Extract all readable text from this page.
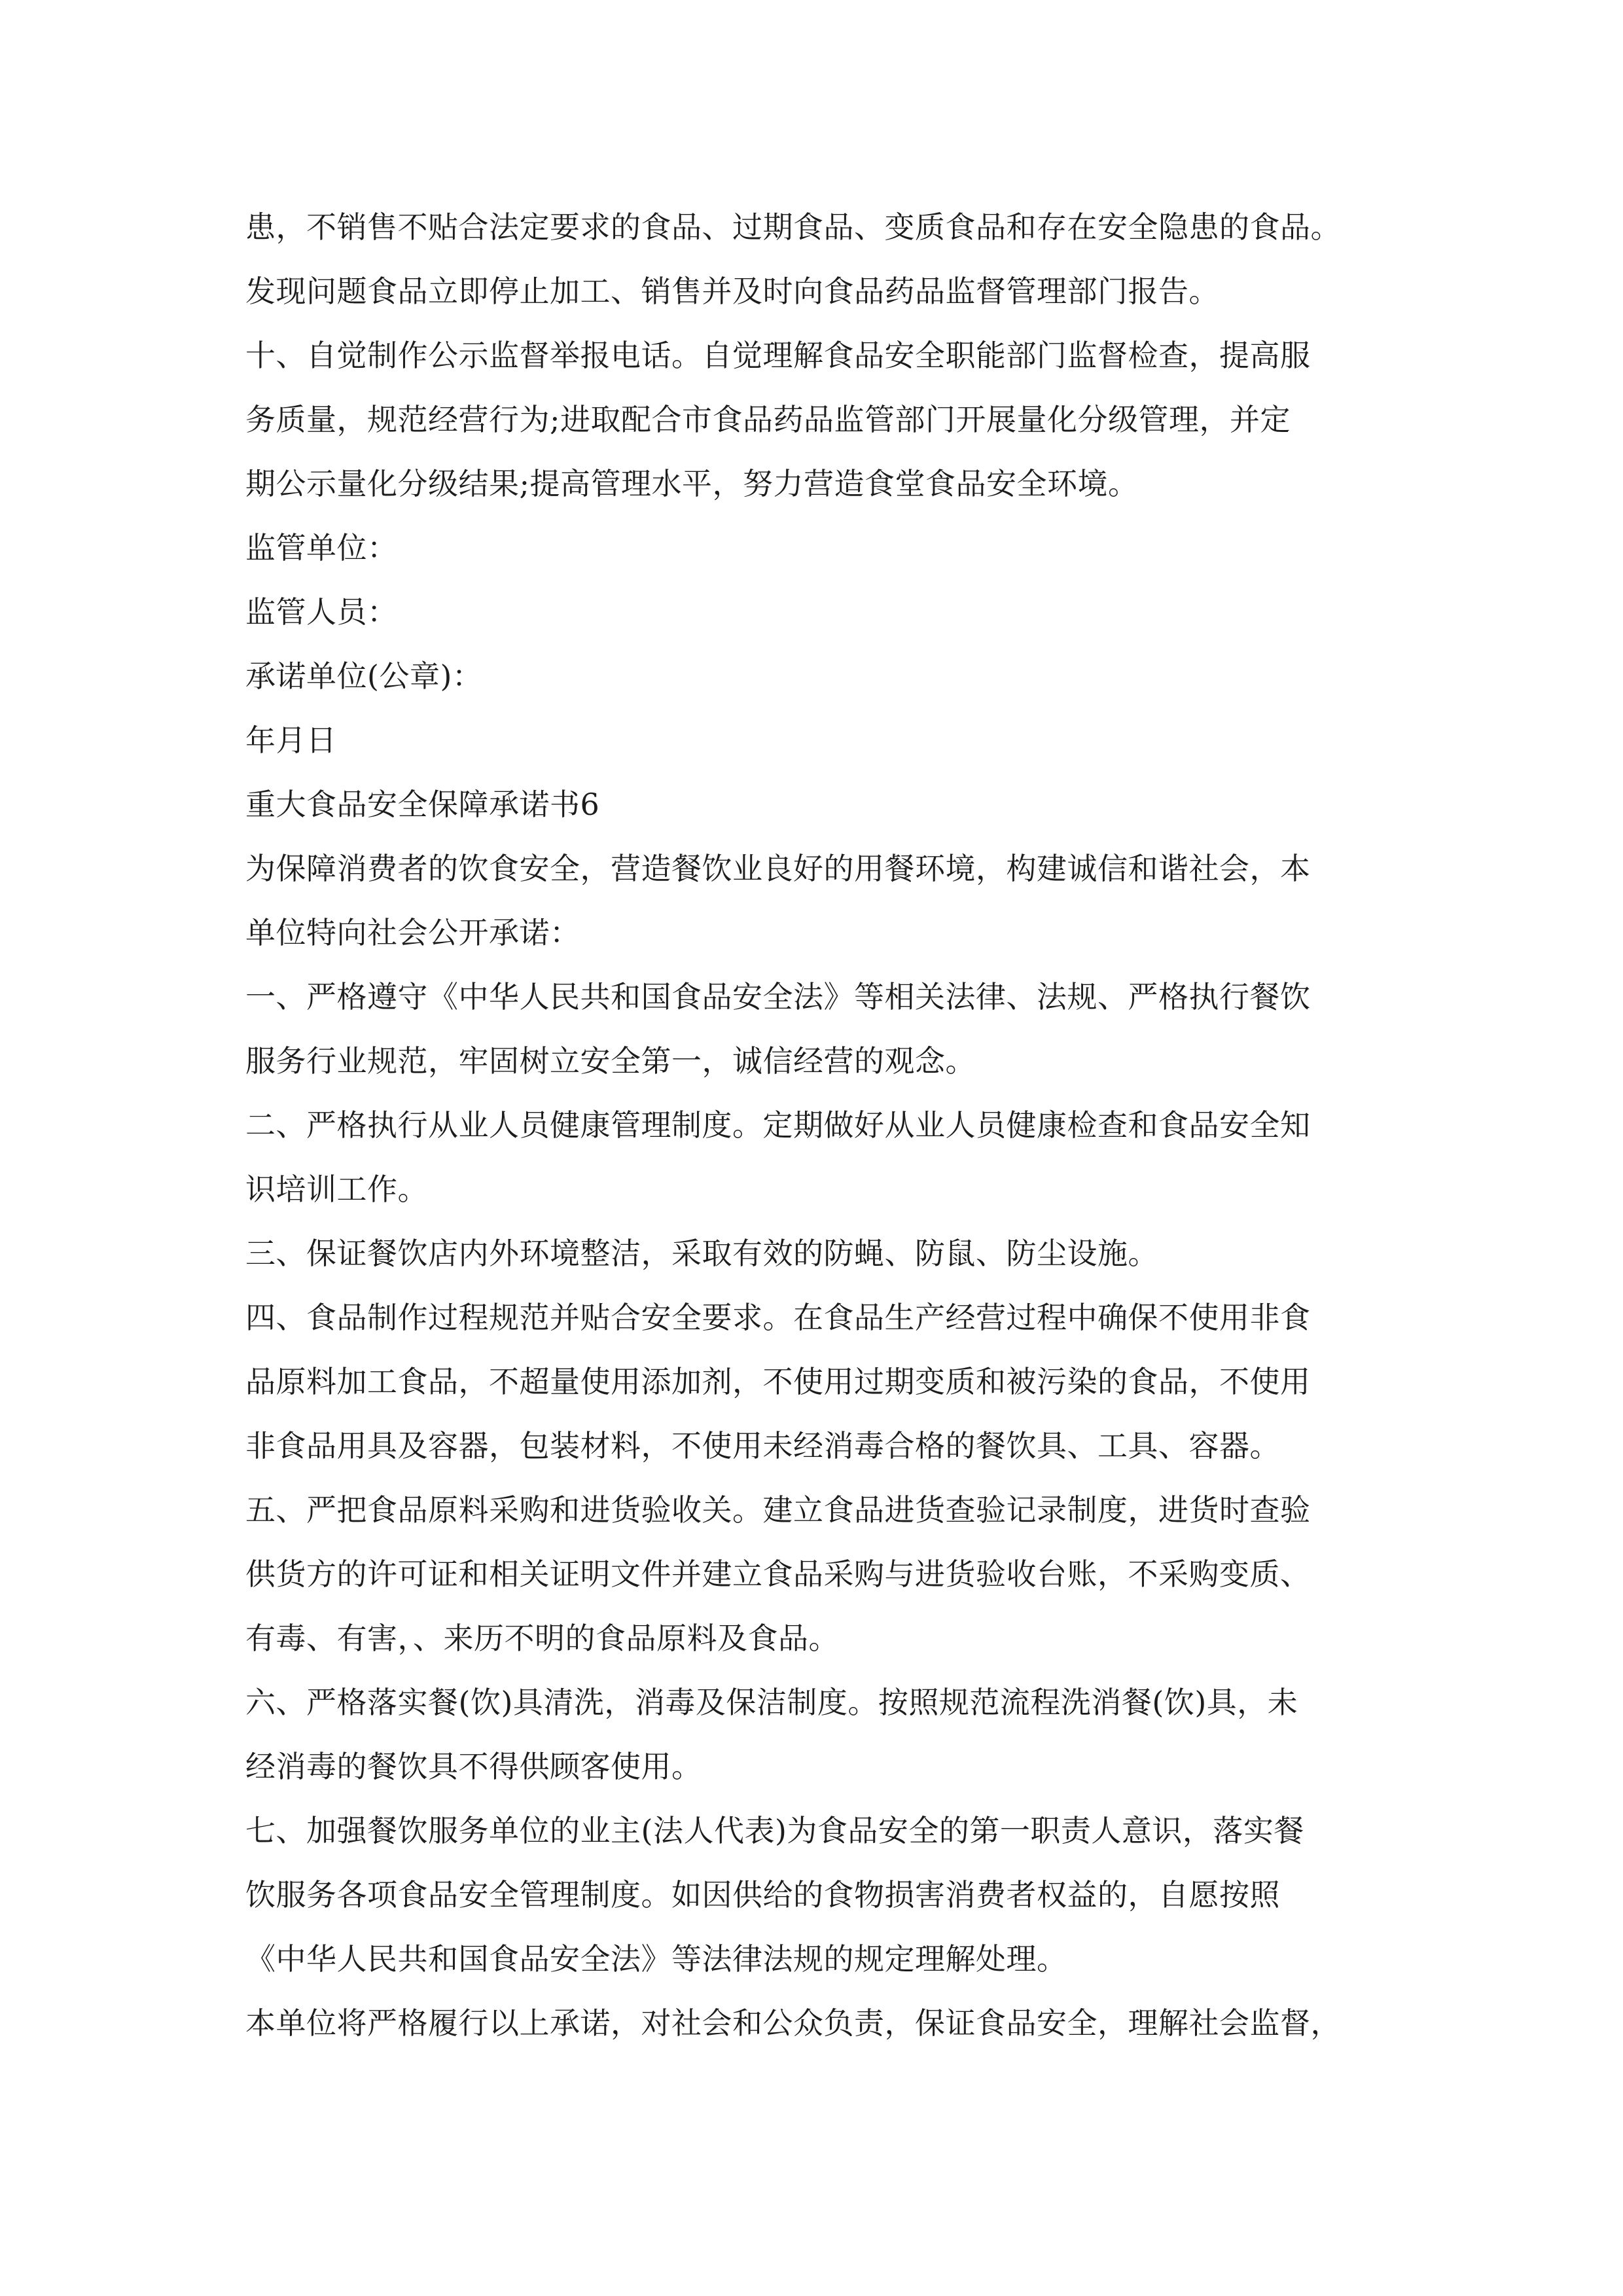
患，不销售不贴合法定要求的食品、过期食品、变质食品和存在安全隐患的食品。
发现问题食品立即停止加工、销售并及时向食品药品监督管理部门报告。
十、自觉制作公示监督举报电话。自觉理解食品安全职能部门监督检查，提高服
务质量，规范经营行为;进取配合市食品药品监管部门开展量化分级管理，并定
期公示量化分级结果;提高管理水平，努力营造食堂食品安全环境。
监管单位：
监管人员：
承诺单位(公章)：
年月日
重大食品安全保障承诺书6
为保障消费者的饮食安全，营造餐饮业良好的用餐环境，构建诚信和谐社会，本
单位特向社会公开承诺：
一、严格遵守《中华人民共和国食品安全法》等相关法律、法规、严格执行餐饮
服务行业规范，牢固树立安全第一，诚信经营的观念。
二、严格执行从业人员健康管理制度。定期做好从业人员健康检查和食品安全知
识培训工作。
三、保证餐饮店内外环境整洁，采取有效的防蝇、防鼠、防尘设施。
四、食品制作过程规范并贴合安全要求。在食品生产经营过程中确保不使用非食
品原料加工食品，不超量使用添加剂，不使用过期变质和被污染的食品，不使用
非食品用具及容器，包装材料，不使用未经消毒合格的餐饮具、工具、容器。
五、严把食品原料采购和进货验收关。建立食品进货查验记录制度，进货时查验
供货方的许可证和相关证明文件并建立食品采购与进货验收台账，不采购变质、
有毒、有害，、来历不明的食品原料及食品。
六、严格落实餐(饮)具清洗，消毒及保洁制度。按照规范流程洗消餐(饮)具，未
经消毒的餐饮具不得供顾客使用。
七、加强餐饮服务单位的业主(法人代表)为食品安全的第一职责人意识，落实餐
饮服务各项食品安全管理制度。如因供给的食物损害消费者权益的，自愿按照
《中华人民共和国食品安全法》等法律法规的规定理解处理。
本单位将严格履行以上承诺，对社会和公众负责，保证食品安全，理解社会监督，
